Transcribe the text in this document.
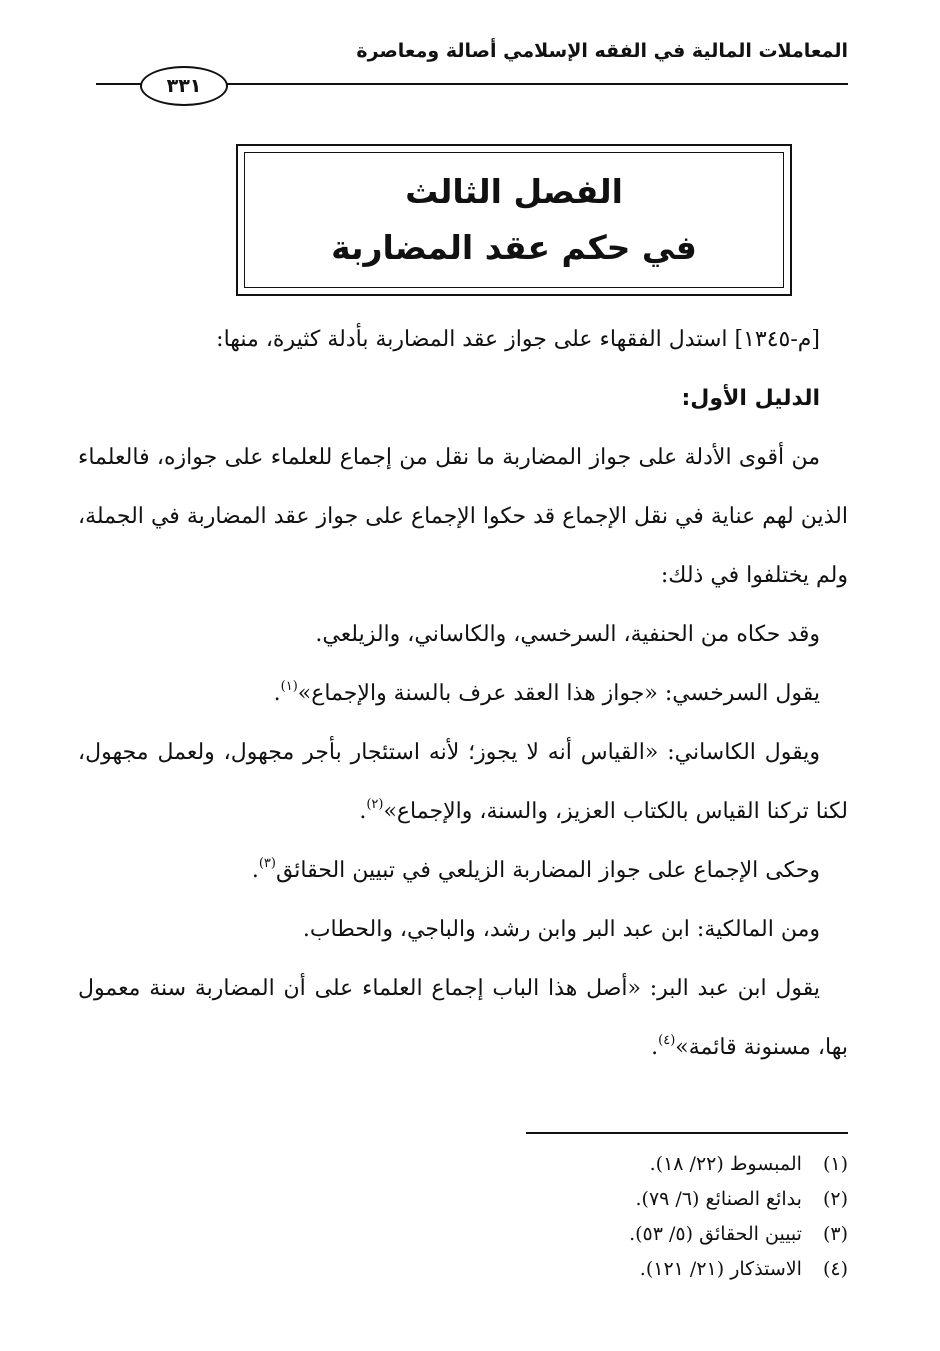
المعاملات المالية في الفقه الإسلامي أصالة ومعاصرة
٣٣١
الفصل الثالث
في حكم عقد المضاربة

[م-١٣٤٥] استدل الفقهاء على جواز عقد المضاربة بأدلة كثيرة، منها:

الدليل الأول:

من أقوى الأدلة على جواز المضاربة ما نقل من إجماع للعلماء على جوازه، فالعلماء الذين لهم عناية في نقل الإجماع قد حكوا الإجماع على جواز عقد المضاربة في الجملة، ولم يختلفوا في ذلك:

وقد حكاه من الحنفية، السرخسي، والكاساني، والزيلعي.

يقول السرخسي: «جواز هذا العقد عرف بالسنة والإجماع»$^{(١)}$.

ويقول الكاساني: «القياس أنه لا يجوز؛ لأنه استئجار بأجر مجهول، ولعمل مجهول، لكنا تركنا القياس بالكتاب العزيز، والسنة، والإجماع»$^{(٢)}$.

وحكى الإجماع على جواز المضاربة الزيلعي في تبيين الحقائق$^{(٣)}$.

ومن المالكية: ابن عبد البر وابن رشد، والباجي، والحطاب.

يقول ابن عبد البر: «أصل هذا الباب إجماع العلماء على أن المضاربة سنة معمول بها، مسنونة قائمة»$^{(٤)}$.

(١) المبسوط (٢٢/ ١٨).
(٢) بدائع الصنائع (٦/ ٧٩).
(٣) تبيين الحقائق (٥/ ٥٣).
(٤) الاستذكار (٢١/ ١٢١).
